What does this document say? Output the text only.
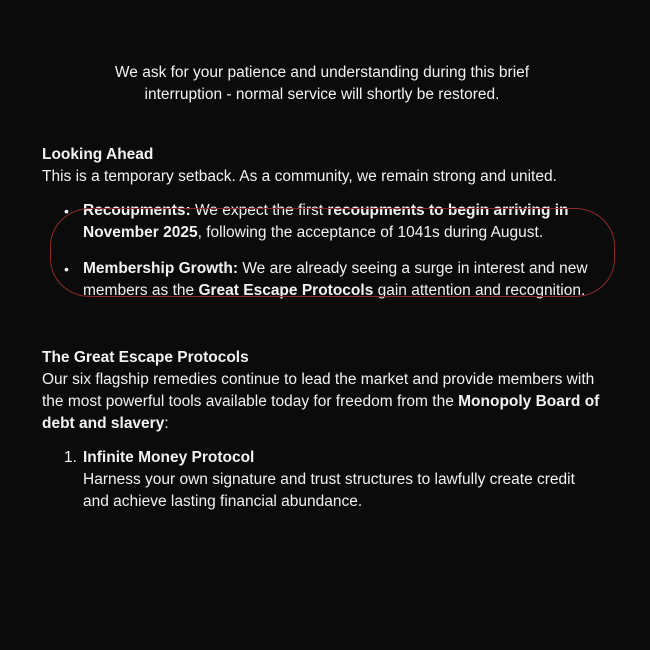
We ask for your patience and understanding during this brief
interruption - normal service will shortly be restored.

Looking Ahead

This is a temporary setback. As a community, we remain strong and united.

• Recoupments: We expect the first recoupments to begin arriving in November 2025, following the acceptance of 1041s during August.
• Membership Growth: We are already seeing a surge in interest and new members as the Great Escape Protocols gain attention and recognition.
The Great Escape Protocols

Our six flagship remedies continue to lead the market and provide members with the most powerful tools available today for freedom from the Monopoly Board of debt and slavery:

1. Infinite Money Protocol
Harness your own signature and trust structures to lawfully create credit and achieve lasting financial abundance.
